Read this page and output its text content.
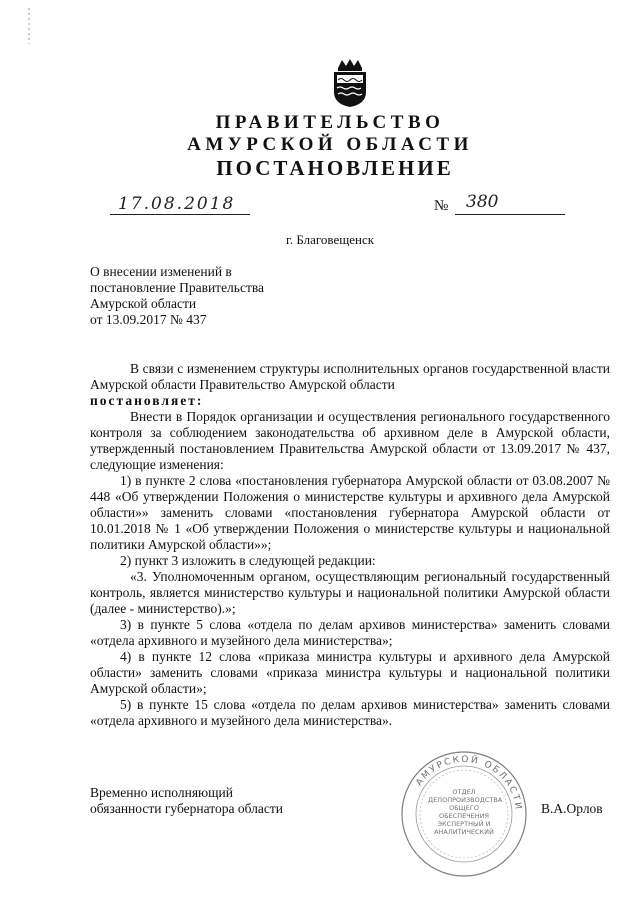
ПРАВИТЕЛЬСТВО
АМУРСКОЙ ОБЛАСТИ
ПОСТАНОВЛЕНИЕ
17.08.2018	№ 380
г. Благовещенск
О внесении изменений в
постановление Правительства
Амурской области
от 13.09.2017 № 437

В связи с изменением структуры исполнительных органов государственной власти Амурской области Правительство Амурской области

постановляет:

Внести в Порядок организации и осуществления регионального государственного контроля за соблюдением законодательства об архивном деле в Амурской области, утвержденный постановлением Правительства Амурской области от 13.09.2017 № 437, следующие изменения:

1) в пункте 2 слова «постановления губернатора Амурской области от 03.08.2007 № 448 «Об утверждении Положения о министерстве культуры и архивного дела Амурской области»» заменить словами «постановления губернатора Амурской области от 10.01.2018 № 1 «Об утверждении Положения о министерстве культуры и национальной политики Амурской области»»;

2) пункт 3 изложить в следующей редакции:

«3. Уполномоченным органом, осуществляющим региональный государственный контроль, является министерство культуры и национальной политики Амурской области (далее - министерство).»;

3) в пункте 5 слова «отдела по делам архивов министерства» заменить словами «отдела архивного и музейного дела министерства»;

4) в пункте 12 слова «приказа министра культуры и архивного дела Амурской области» заменить словами «приказа министра культуры и национальной политики Амурской области»;

5) в пункте 15 слова «отдела по делам архивов министерства» заменить словами «отдела архивного и музейного дела министерства».

Временно исполняющий
обязанности губернатора области	В.А.Орлов
АМУРСКОЙ ОБЛАСТИ
ОТДЕЛ
ДЕЛОПРОИЗВОДСТВА
ОБЩЕГО
ОБЕСПЕЧЕНИЯ
ЭКСПЕРТНЫЙ И
АНАЛИТИЧЕСКИЙ
